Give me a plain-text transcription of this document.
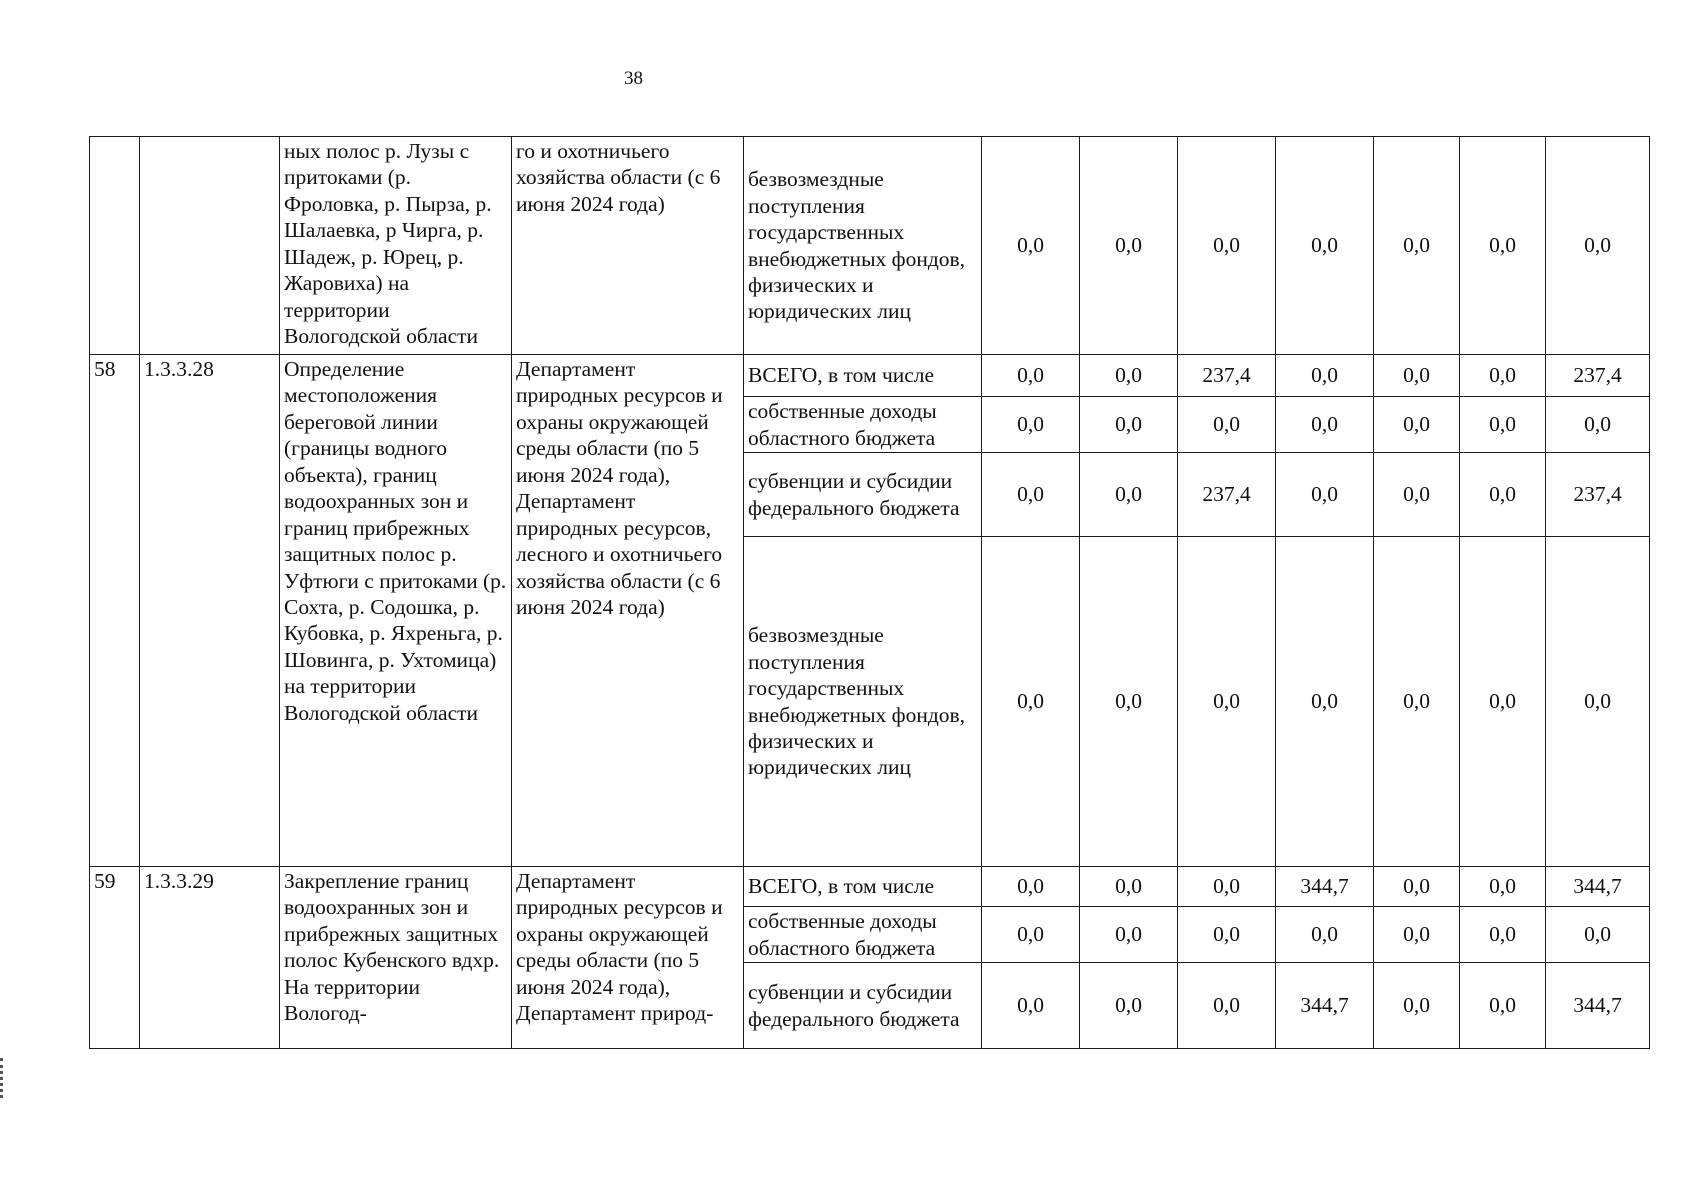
38
		ных полос р. Лузы с притоками (р. Фроловка, р. Пырза, р. Шалаевка, р Чирга, р. Шадеж, р. Юрец, р. Жаровиха) на территории Вологодской области	го и охотничьего хозяйства области (с 6 июня 2024 года)	безвозмездные поступления государственных внебюджетных фондов, физических и юридических лиц	0,0	0,0	0,0	0,0	0,0	0,0	0,0
58	1.3.3.28	Определение местоположения береговой линии (границы водного объекта), границ водоохранных зон и границ прибрежных защитных полос р. Уфтюги с притоками (р. Сохта, р. Содошка, р. Кубовка, р. Яхреньга, р. Шовинга, р. Ухтомица) на территории Вологодской области	Департамент природных ресурсов и охраны окружающей среды области (по 5 июня 2024 года), Департамент природных ресурсов, лесного и охотничьего хозяйства области (с 6 июня 2024 года)	ВСЕГО, в том числе	0,0	0,0	237,4	0,0	0,0	0,0	237,4
				собственные доходы областного бюджета	0,0	0,0	0,0	0,0	0,0	0,0	0,0
				субвенции и субсидии федерального бюджета	0,0	0,0	237,4	0,0	0,0	0,0	237,4
				безвозмездные поступления государственных внебюджетных фондов, физических и юридических лиц	0,0	0,0	0,0	0,0	0,0	0,0	0,0
59	1.3.3.29	Закрепление границ водоохранных зон и прибрежных защитных полос Кубенского вдхр. На территории Вологод-	Департамент природных ресурсов и охраны окружающей среды области (по 5 июня 2024 года), Департамент природ-	ВСЕГО, в том числе	0,0	0,0	0,0	344,7	0,0	0,0	344,7
				собственные доходы областного бюджета	0,0	0,0	0,0	0,0	0,0	0,0	0,0
				субвенции и субсидии федерального бюджета	0,0	0,0	0,0	344,7	0,0	0,0	344,7
